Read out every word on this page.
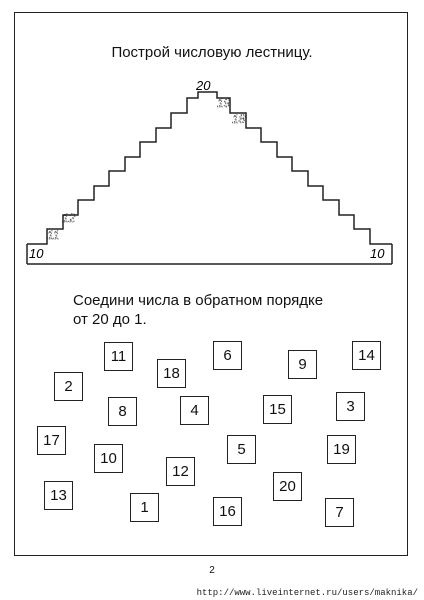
Построй числовую лестницу.
10
11
12
20
19
18
10
Соедини числа в обратном порядке
от 20 до 1.
11	6
9
14
2
18
8	4	15	3
17
10
5	19
12
20
13
1	16	7
2
http://www.liveinternet.ru/users/maknika/
